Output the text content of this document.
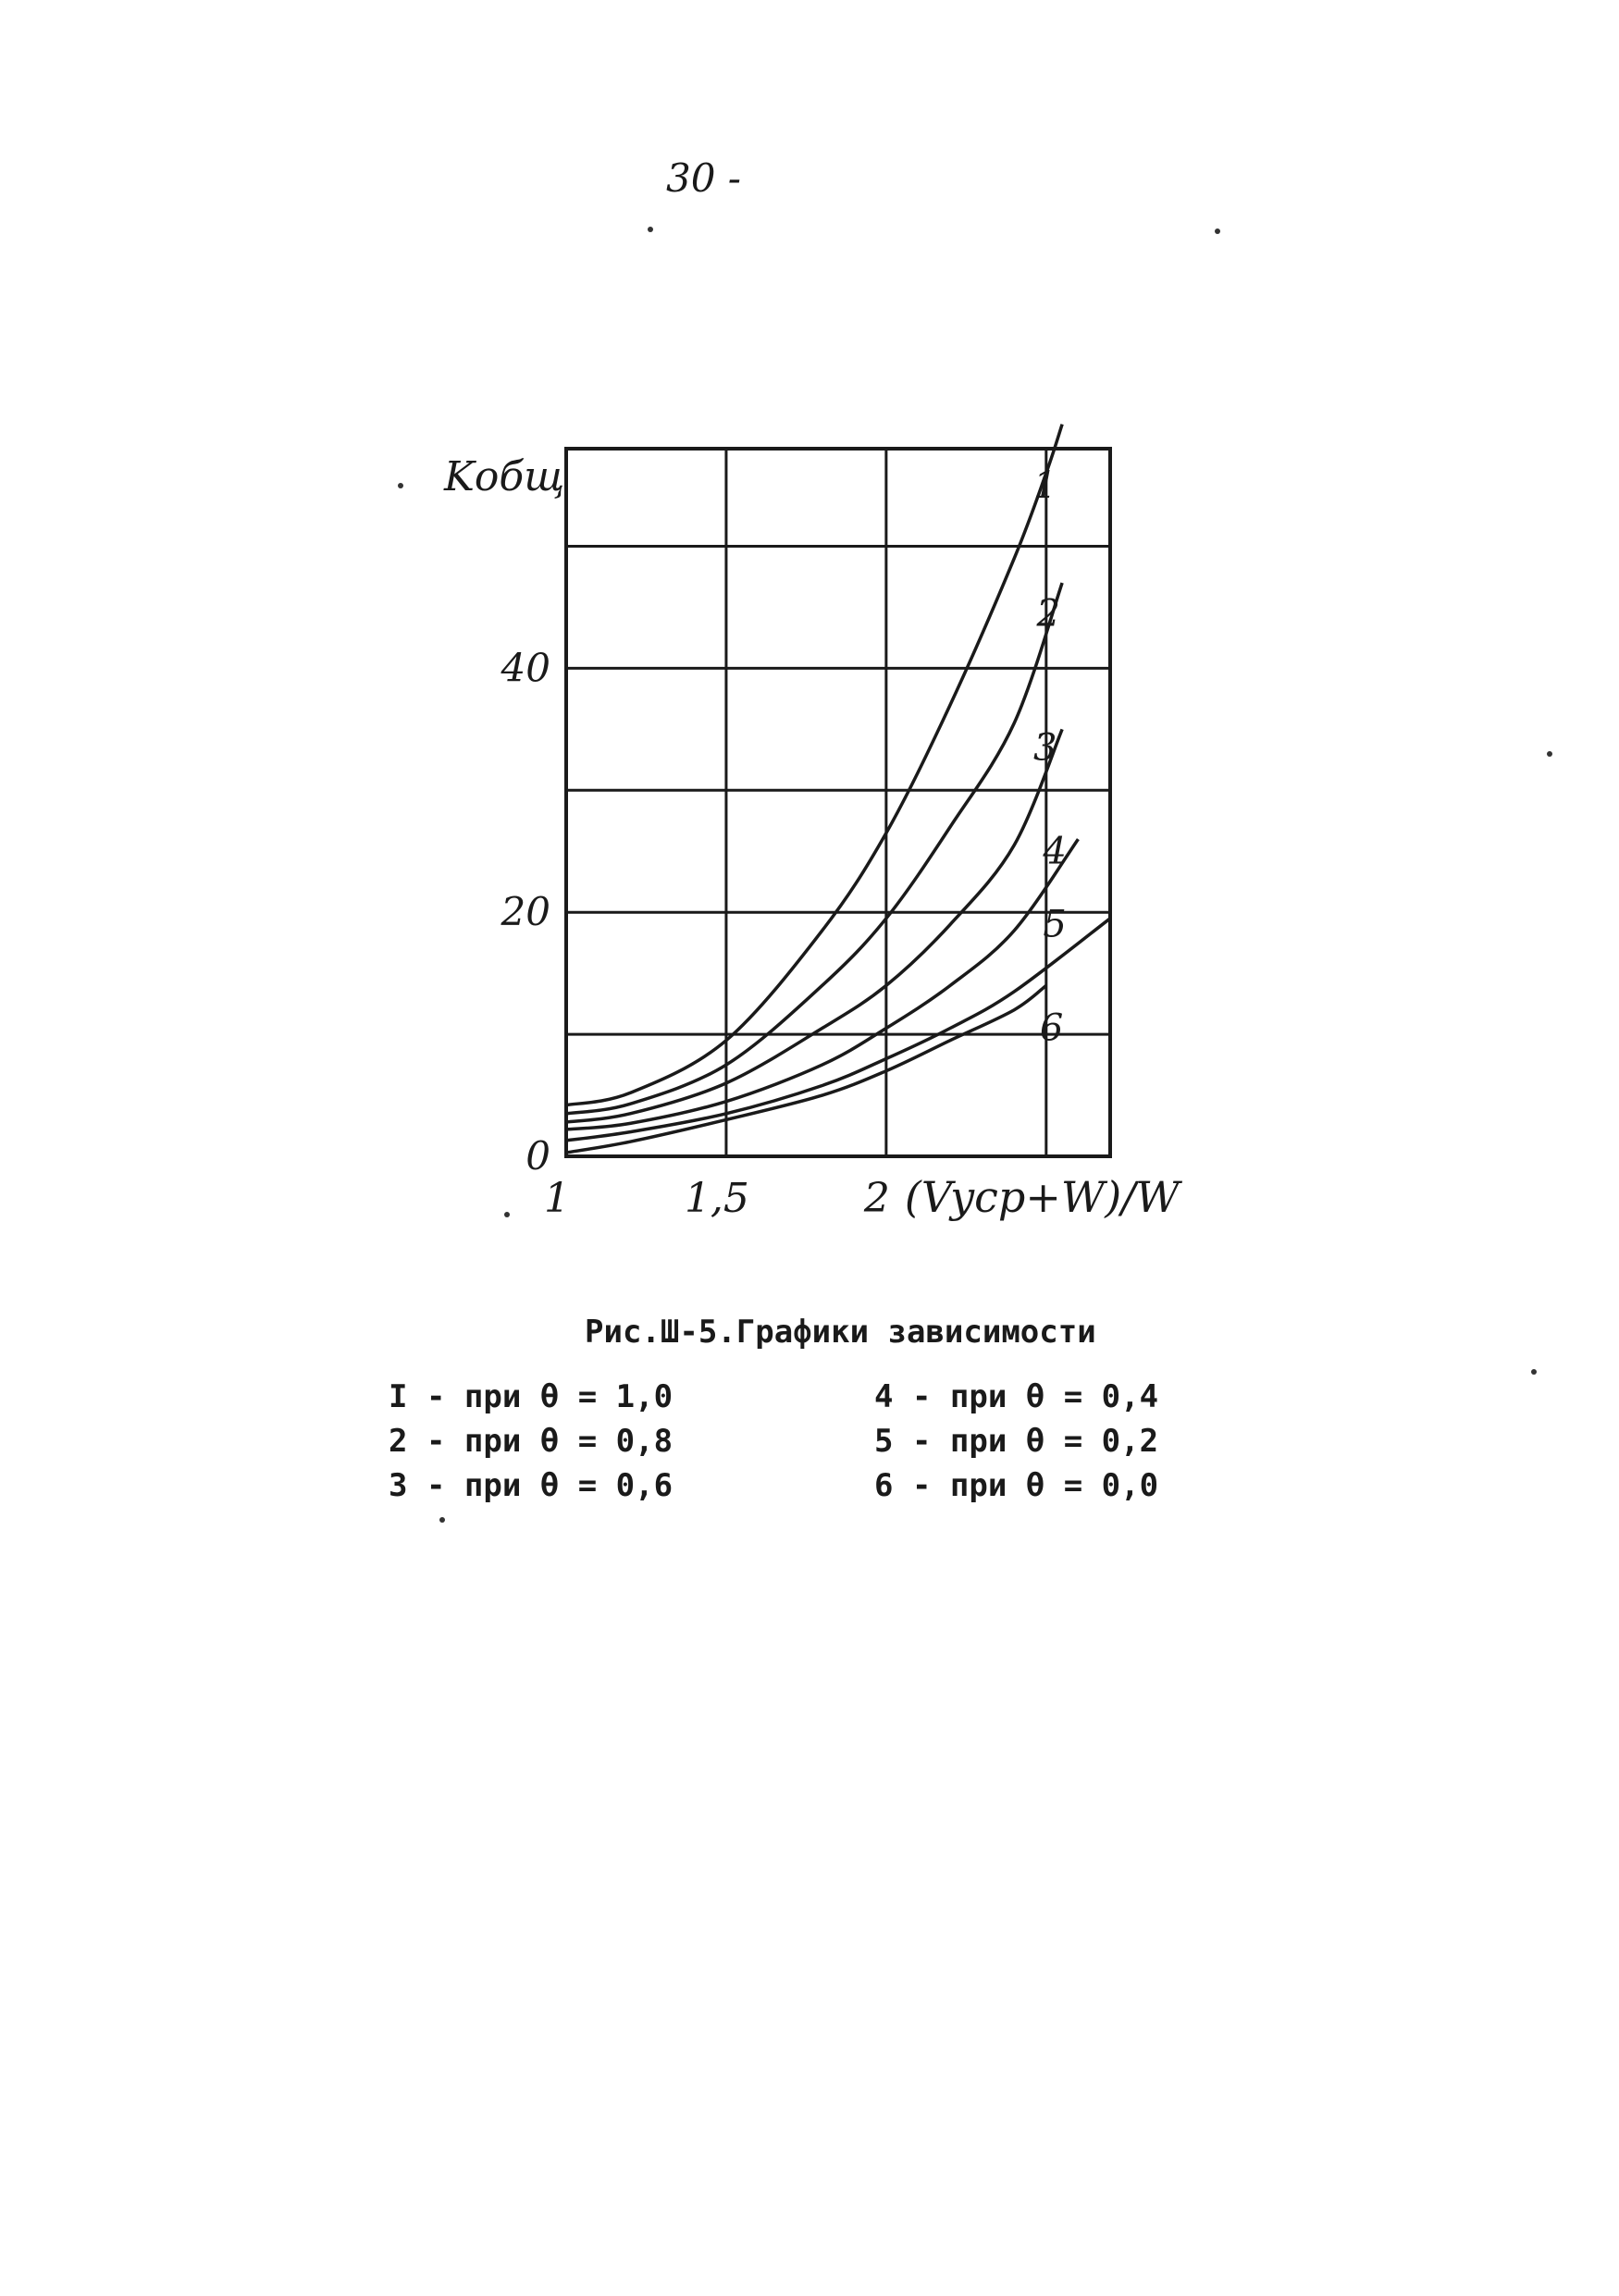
30 -
1
2
3
4
5
6
Kобщ
0
20
40
1	1,5	2 (Vyср+W)/W
Рис.Ш-5.Графики зависимости
I - при θ = 1,0
2 - при θ = 0,8
3 - при θ = 0,6
4 - при θ = 0,4
5 - при θ = 0,2
6 - при θ = 0,0
